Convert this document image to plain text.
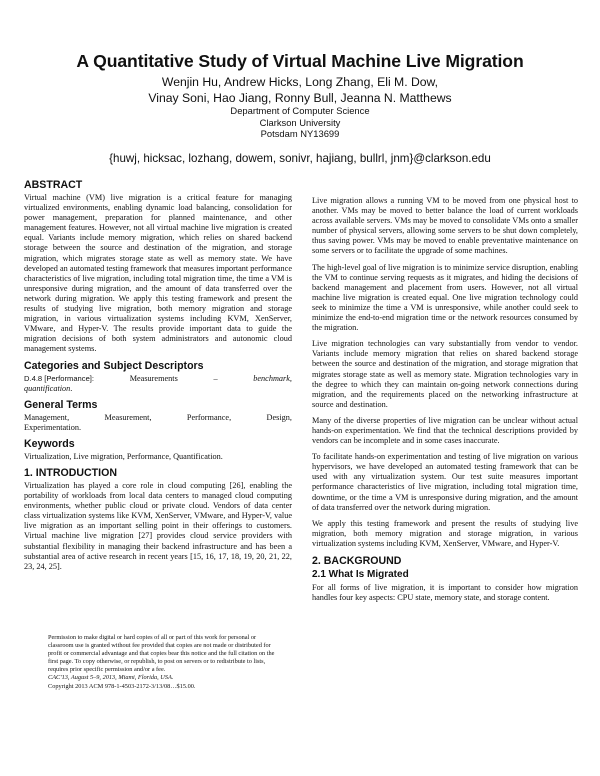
A Quantitative Study of Virtual Machine Live Migration
Wenjin Hu, Andrew Hicks, Long Zhang, Eli M. Dow,
Vinay Soni, Hao Jiang, Ronny Bull, Jeanna N. Matthews
Department of Computer Science
Clarkson University
Potsdam NY13699
{huwj, hicksac, lozhang, dowem, sonivr, hajiang, bullrl, jnm}@clarkson.edu
ABSTRACT

Virtual machine (VM) live migration is a critical feature for managing virtualized environments, enabling dynamic load balancing, consolidation for power management, preparation for planned maintenance, and other management features. However, not all virtual machine live migration is created equal. Variants include memory migration, which relies on shared backend storage between the source and destination of the migration, and storage migration, which migrates storage state as well as memory state. We have developed an automated testing framework that measures important performance characteristics of live migration, including total migration time, the time a VM is unresponsive during migration, and the amount of data transferred over the network during migration. We apply this testing framework and present the results of studying live migration, both memory migration and storage migration, in various virtualization systems including KVM, XenServer, VMware, and Hyper-V. The results provide important data to guide the migration decisions of both system administrators and autonomic cloud management systems.

Categories and Subject Descriptors
D.4.8 [Performance]:	Measurements	–	benchmark,
quantification.
General Terms
Management,	Measurement,	Performance,	Design,
Experimentation.
Keywords

Virtualization, Live migration, Performance, Quantification.

1. INTRODUCTION

Virtualization has played a core role in cloud computing [26], enabling the portability of workloads from local data centers to managed cloud computing environments, whether public cloud or private cloud. Vendors of data center class virtualization systems like KVM, XenServer, VMware, and Hyper-V, value live migration as an important selling point in their offerings to customers. Virtual machine live migration [27] provides cloud service providers with substantial flexibility in managing their backend infrastructure and has been a substantial area of active research in recent years [15, 16, 17, 18, 19, 20, 21, 22, 23, 24, 25].

Permission to make digital or hard copies of all or part of this work for personal or classroom use is granted without fee provided that copies are not made or distributed for profit or commercial advantage and that copies bear this notice and the full citation on the first page. To copy otherwise, or republish, to post on servers or to redistribute to lists, requires prior specific permission and/or a fee.

CAC'13, August 5–9, 2013, Miami, Florida, USA.

Copyright 2013 ACM 978-1-4503-2172-3/13/08…$15.00.

Live migration allows a running VM to be moved from one physical host to another. VMs may be moved to better balance the load of current workloads across available servers. VMs may be moved to consolidate VMs onto a smaller number of physical servers, allowing some servers to be shut down completely, thus saving power. VMs may be moved to enable preventative maintenance on some servers or to facilitate the upgrade of some machines.

The high-level goal of live migration is to minimize service disruption, enabling the VM to continue serving requests as it migrates, and hiding the decisions of backend management and placement from users. However, not all virtual machine live migration is created equal. One live migration technology could seek to minimize the time a VM is unresponsive, while another could seek to minimize the end-to-end migration time or the network resources consumed by the migration.

Live migration technologies can vary substantially from vendor to vendor. Variants include memory migration that relies on shared backend storage between the source and destination of the migration, and storage migration that migrates storage state as well as memory state. Migration technologies vary in the degree to which they can maintain on-going network connections during migration, and the requirements placed on the networking infrastructure at source and destination.

Many of the diverse properties of live migration can be unclear without actual hands-on experimentation. We find that the technical descriptions provided by vendors can be incomplete and in some cases inaccurate.

To facilitate hands-on experimentation and testing of live migration on various hypervisors, we have developed an automated testing framework that can be used with any virtualization system. Our test suite measures important performance characteristics of live migration, including total migration time, downtime, or the time a VM is unresponsive during migration, and the amount of data transferred over the network during migration.

We apply this testing framework and present the results of studying live migration, both memory migration and storage migration, in various virtualization systems including KVM, XenServer, VMware, and Hyper-V.

2. BACKGROUND
2.1 What Is Migrated

For all forms of live migration, it is important to consider how migration handles four key aspects: CPU state, memory state, and storage content.
